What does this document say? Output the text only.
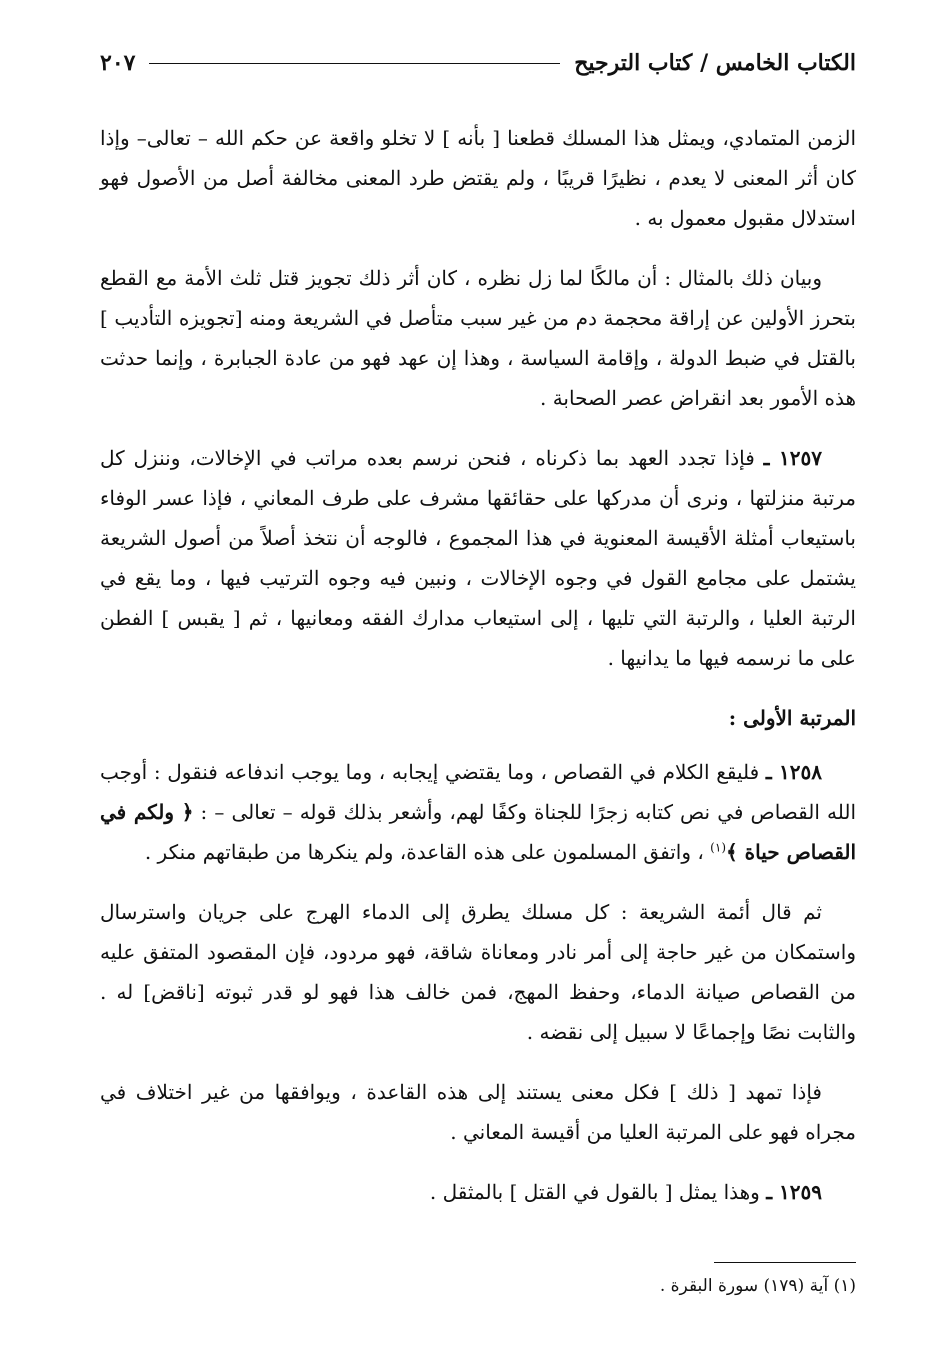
الكتاب الخامس / كتاب الترجيح
٢٠٧

الزمن المتمادي، ويمثل هذا المسلك قطعنا [ بأنه ] لا تخلو واقعة عن حكم الله – تعالى– وإذا كان أثر المعنى لا يعدم ، نظيرًا قريبًا ، ولم يقتض طرد المعنى مخالفة أصل من الأصول فهو استدلال مقبول معمول به .

وبيان ذلك بالمثال : أن مالكًا لما زل نظره ، كان أثر ذلك تجويز قتل ثلث الأمة مع القطع بتحرز الأولين عن إراقة محجمة دم من غير سبب متأصل في الشريعة ومنه [تجويزه التأديب ] بالقتل في ضبط الدولة ، وإقامة السياسة ، وهذا إن عهد فهو من عادة الجبابرة ، وإنما حدثت هذه الأمور بعد انقراض عصر الصحابة .

١٢٥٧ ـ فإذا تجدد العهد بما ذكرناه ، فنحن نرسم بعده مراتب في الإخالات، وننزل كل مرتبة منزلتها ، ونرى أن مدركها على حقائقها مشرف على طرف المعاني ، فإذا عسر الوفاء باستيعاب أمثلة الأقيسة المعنوية في هذا المجموع ، فالوجه أن نتخذ أصلاً من أصول الشريعة يشتمل على مجامع القول في وجوه الإخالات ، ونبين فيه وجوه الترتيب فيها ، وما يقع في الرتبة العليا ، والرتبة التي تليها ، إلى استيعاب مدارك الفقه ومعانيها ، ثم [ يقبس ] الفطن على ما نرسمه فيها ما يدانيها .

المرتبة الأولى :

١٢٥٨ ـ فليقع الكلام في القصاص ، وما يقتضي إيجابه ، وما يوجب اندفاعه فنقول : أوجب الله القصاص في نص كتابه زجرًا للجناة وكفًا لهم، وأشعر بذلك قوله – تعالى – : ﴿ ولكم في القصاص حياة ﴾$^{(١)}$ ، واتفق المسلمون على هذه القاعدة، ولم ينكرها من طبقاتهم منكر .

ثم قال أئمة الشريعة : كل مسلك يطرق إلى الدماء الهرج على جريان واسترسال واستمكان من غير حاجة إلى أمر نادر ومعاناة شاقة، فهو مردود، فإن المقصود المتفق عليه من القصاص صيانة الدماء، وحفظ المهج، فمن خالف هذا فهو لو قدر ثبوته [ناقض] له . والثابت نصًا وإجماعًا لا سبيل إلى نقضه .

فإذا تمهد [ ذلك ] فكل معنى يستند إلى هذه القاعدة ، ويوافقها من غير اختلاف في مجراه فهو على المرتبة العليا من أقيسة المعاني .

١٢٥٩ ـ وهذا يمثل [ بالقول في القتل ] بالمثقل .

(١) آية (١٧٩) سورة البقرة .
